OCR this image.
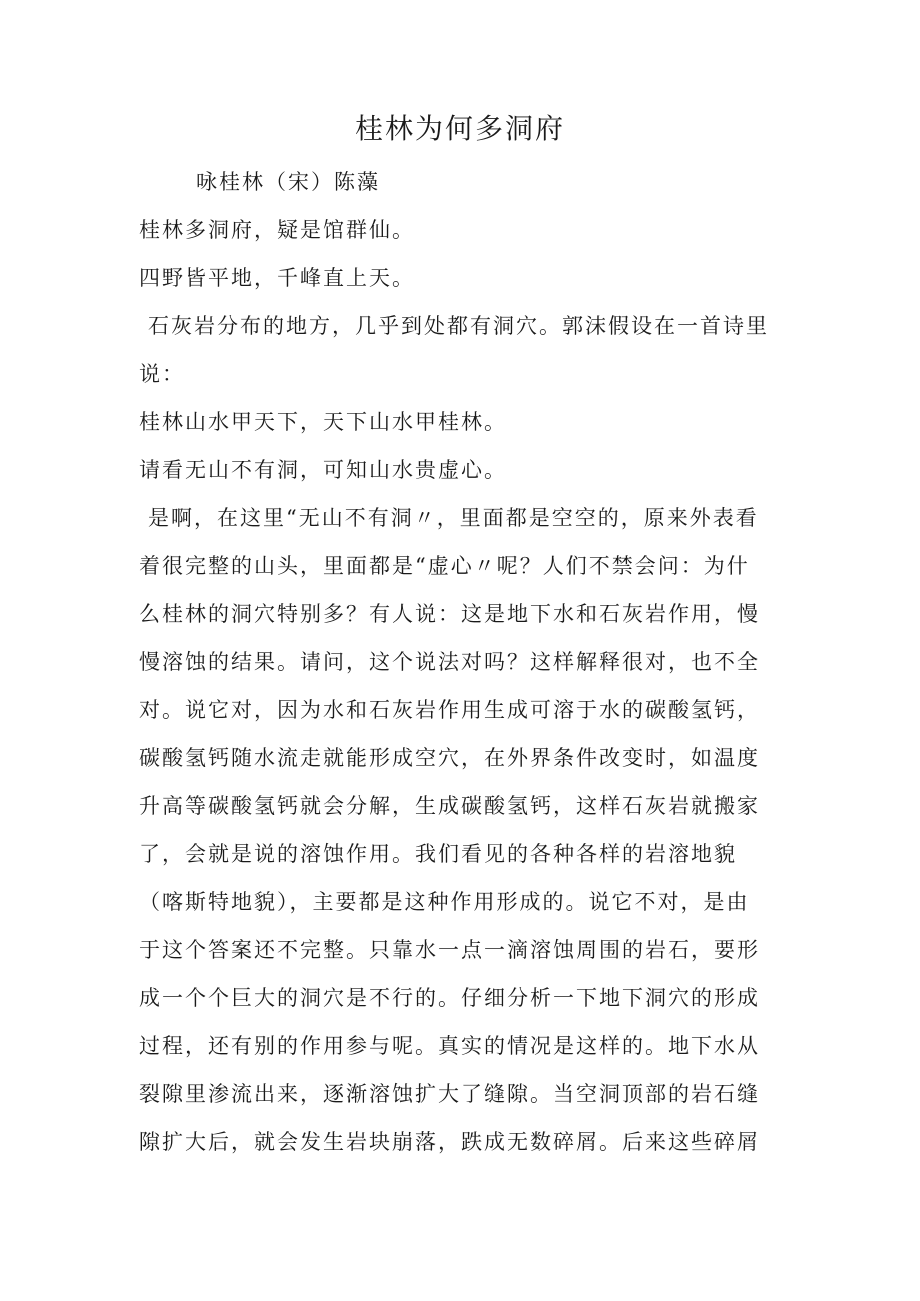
桂林为何多洞府
咏桂林（宋）陈藻
桂林多洞府，疑是馆群仙。
四野皆平地，千峰直上天。
石灰岩分布的地方，几乎到处都有洞穴。郭沫假设在一首诗里
说：
桂林山水甲天下，天下山水甲桂林。
请看无山不有洞，可知山水贵虚心。
是啊，在这里“无山不有洞〃，里面都是空空的，原来外表看
着很完整的山头，里面都是“虚心〃呢？人们不禁会问：为什
么桂林的洞穴特别多？有人说：这是地下水和石灰岩作用，慢
慢溶蚀的结果。请问，这个说法对吗？这样解释很对，也不全
对。说它对，因为水和石灰岩作用生成可溶于水的碳酸氢钙，
碳酸氢钙随水流走就能形成空穴，在外界条件改变时，如温度
升高等碳酸氢钙就会分解，生成碳酸氢钙，这样石灰岩就搬家
了，会就是说的溶蚀作用。我们看见的各种各样的岩溶地貌
（喀斯特地貌），主要都是这种作用形成的。说它不对，是由
于这个答案还不完整。只靠水一点一滴溶蚀周围的岩石，要形
成一个个巨大的洞穴是不行的。仔细分析一下地下洞穴的形成
过程，还有别的作用参与呢。真实的情况是这样的。地下水从
裂隙里渗流出来，逐渐溶蚀扩大了缝隙。当空洞顶部的岩石缝
隙扩大后，就会发生岩块崩落，跌成无数碎屑。后来这些碎屑
